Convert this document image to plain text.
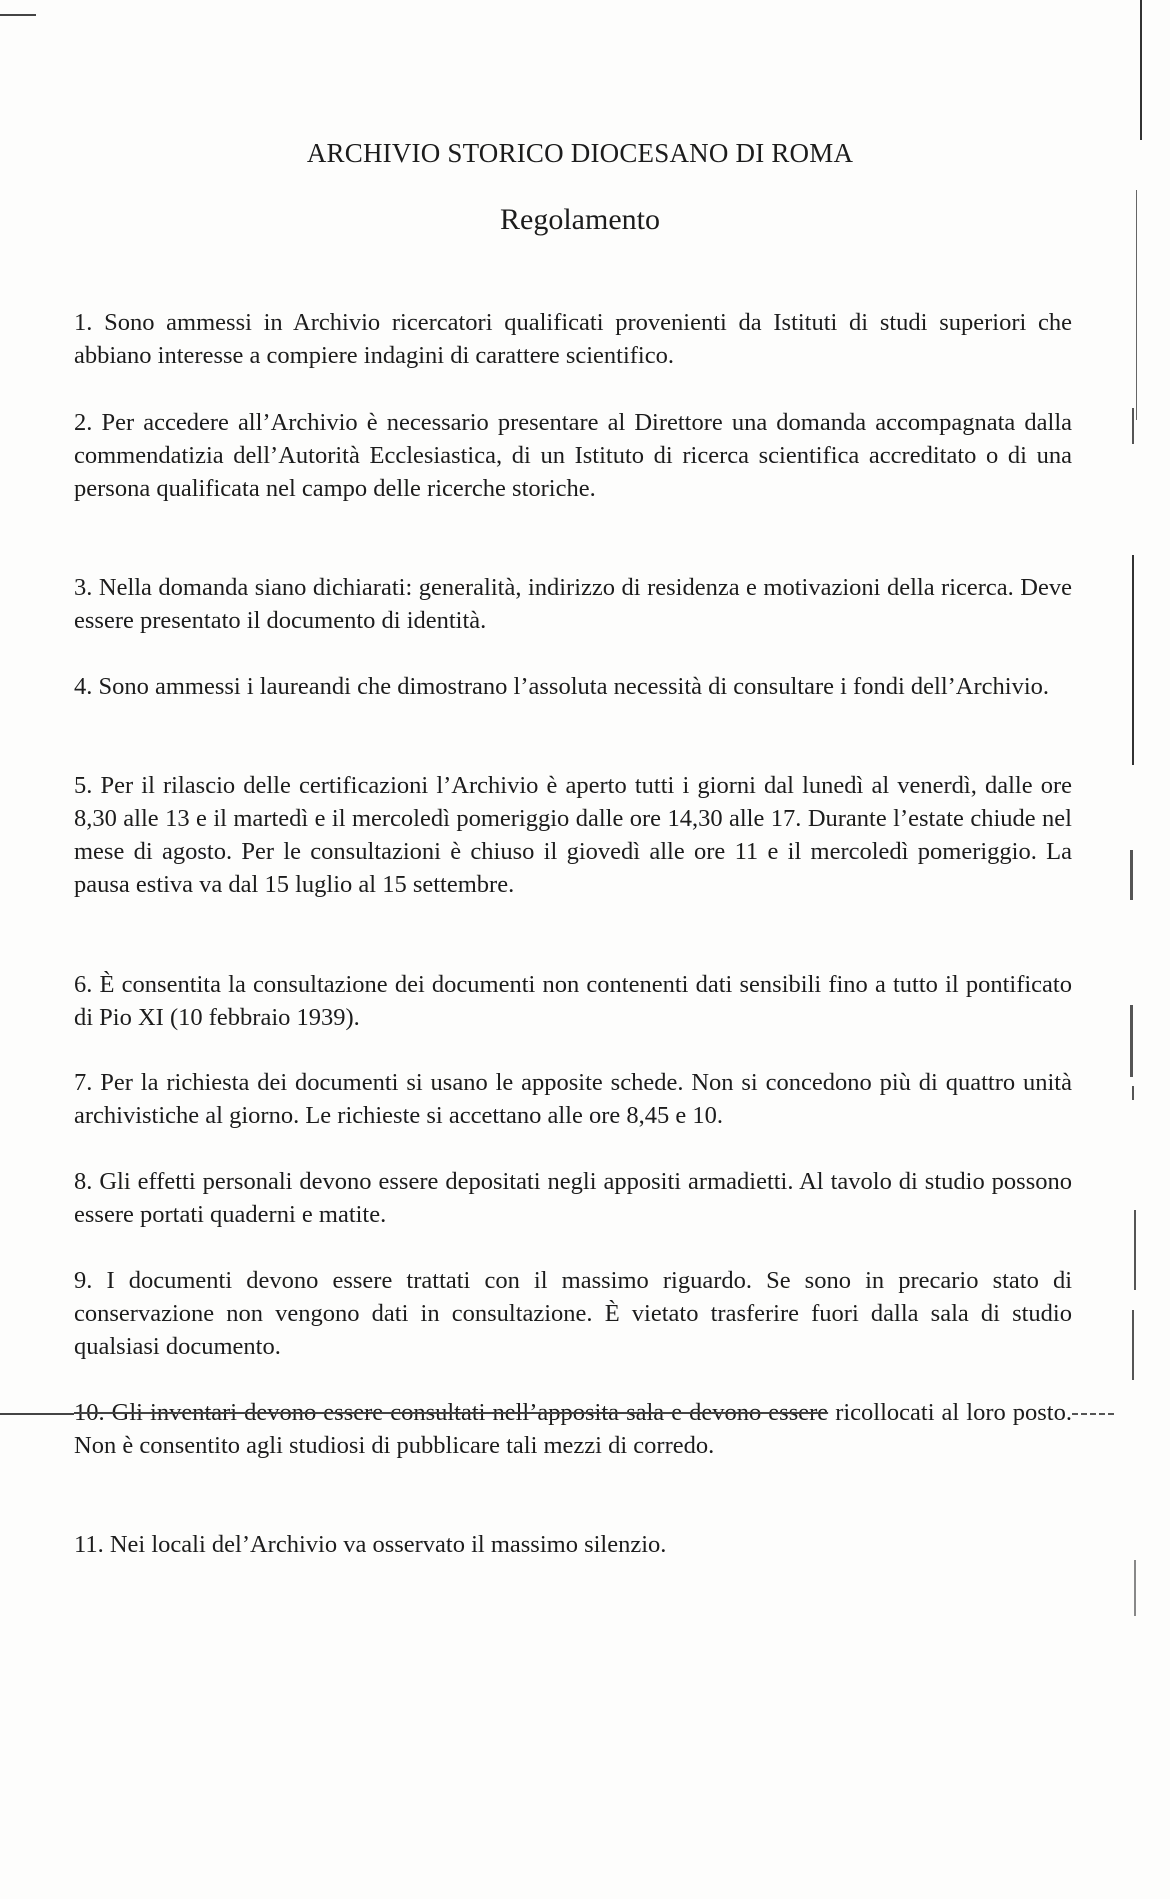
ARCHIVIO STORICO DIOCESANO DI ROMA
Regolamento

1. Sono ammessi in Archivio ricercatori qualificati provenienti da Istituti di studi superiori che abbiano interesse a compiere indagini di carattere scientifico.

2. Per accedere all’Archivio è necessario presentare al Direttore una domanda accompagnata dalla commendatizia dell’Autorità Ecclesiastica, di un Istituto di ricerca scientifica accreditato o di una persona qualificata nel campo delle ricerche storiche.

3. Nella domanda siano dichiarati: generalità, indirizzo di residenza e motivazioni della ricerca. Deve essere presentato il documento di identità.

4. Sono ammessi i laureandi che dimostrano l’assoluta necessità di consultare i fondi dell’Archivio.

5. Per il rilascio delle certificazioni l’Archivio è aperto tutti i giorni dal lunedì al venerdì, dalle ore 8,30 alle 13 e il martedì e il mercoledì pomeriggio dalle ore 14,30 alle 17. Durante l’estate chiude nel mese di agosto. Per le consultazioni è chiuso il giovedì alle ore 11 e il mercoledì pomeriggio. La pausa estiva va dal 15 luglio al 15 settembre.

6. È consentita la consultazione dei documenti non contenenti dati sensibili fino a tutto il pontificato di Pio XI (10 febbraio 1939).

7. Per la richiesta dei documenti si usano le apposite schede. Non si concedono più di quattro unità archivistiche al giorno. Le richieste si accettano alle ore 8,45 e 10.

8. Gli effetti personali devono essere depositati negli appositi armadietti. Al tavolo di studio possono essere portati quaderni e matite.

9. I documenti devono essere trattati con il massimo riguardo. Se sono in precario stato di conservazione non vengono dati in consultazione. È vietato trasferire fuori dalla sala di studio qualsiasi documento.

10. Gli inventari devono essere consultati nell’apposita sala e devono essere ricollocati al loro posto. Non è consentito agli studiosi di pubblicare tali mezzi di corredo.

11. Nei locali del’Archivio va osservato il massimo silenzio.
